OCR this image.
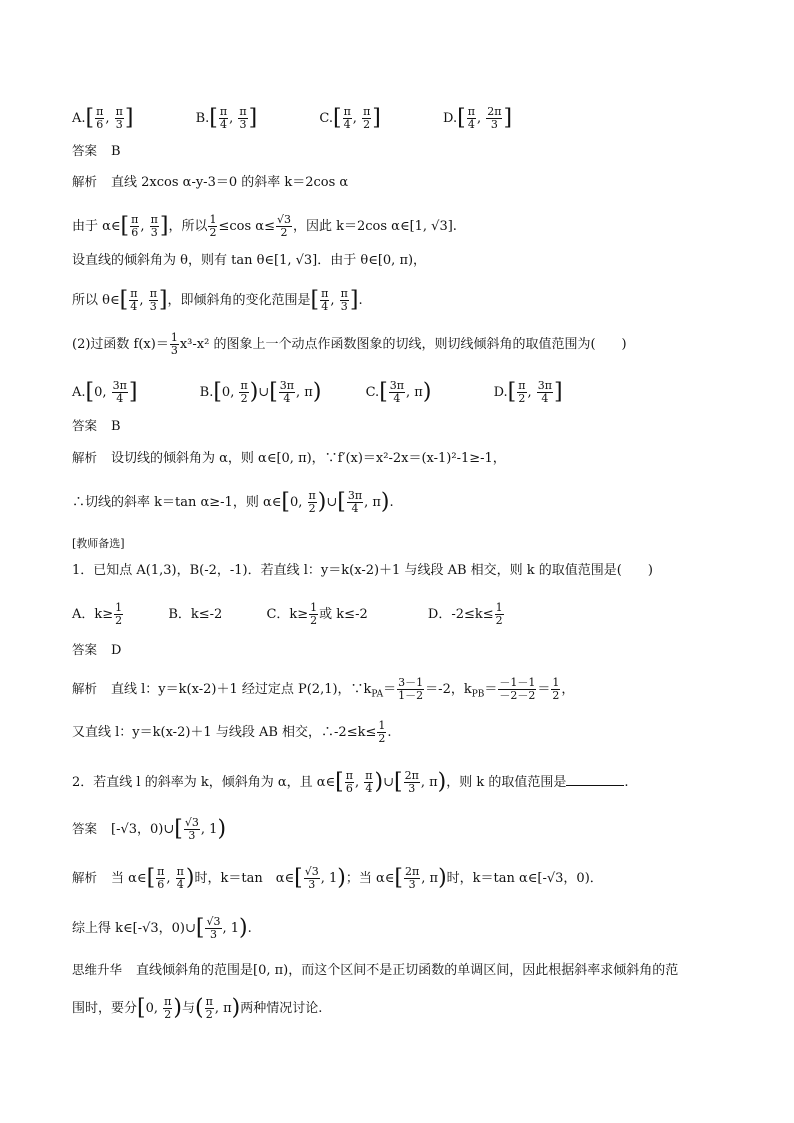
$A.[ \frac{\pi}{6}$ , $\frac{\pi}{3}$ ]	$B.[ \frac{\pi}{4}$ , $\frac{\pi}{3}$ ]	$C.[ \frac{\pi}{4}$ , $\frac{\pi}{2}$ ]	$D.[ \frac{\pi}{4}$ , $\frac{2\pi}{3}$ ]
答案 B
解析 直线 2xcos α-y-3＝0 的斜率 k＝2cos α
由于 α∈[ $\frac{\pi}{6}$ , $\frac{\pi}{3}$ ]，所以 $\frac{1}{2} \le\cos$ $\alpha\le \frac{√3}{2}$ ，因此 k＝2cos α∈[1, √3].
设直线的倾斜角为 θ，则有 tan θ∈[1, √3]．由于 θ∈[0, π)，
所以 θ∈[ $\frac{\pi}{4}$ , $\frac{\pi}{3}$ ]，即倾斜角的变化范围是[ $\frac{\pi}{4}$ , $\frac{\pi}{3}$ ].
(2)过函数 $f(x)= \frac{1}{3} x^3-x^2$ 的图象上一个动点作函数图象的切线，则切线倾斜角的取值范围为(　　)
A.[0, $\frac{3\pi}{4}$ ]	B.[0, $\frac{\pi}{2}$ )∪[ $\frac{3\pi}{4}$ , π)	$C.[ \frac{3\pi}{4}$ , π)	$D.[ \frac{\pi}{2}$ , $\frac{3\pi}{4}$ ]
答案 B
解析 设切线的倾斜角为 α，则 α∈[0, π)，∵f′(x)＝x²-2x＝(x-1)²-1≥-1，
∴切线的斜率 k＝tan α≥-1，则 α∈[0, $\frac{\pi}{2}$ )∪[ $\frac{3\pi}{4}$ , π).
[教师备选]
1．已知点 A(1,3)，B(-2，-1)．若直线 l：y＝k(x-2)＋1 与线段 AB 相交，则 k 的取值范围是(　　)
A．$k\ge \frac{1}{2}$	B．k≤-2	C．$k\ge \frac{1}{2}$ 或 k≤-2	D．$-2\le k\le \frac{1}{2}$
答案 D
解析 直线 l：y＝k(x-2)＋1 经过定点 P(2,1)，$\because k_{PA}= \frac{3-1}{1-2} =-2$，$k_{PB}= \frac{-1-1}{-2-2} = \frac{1}{2}$ ，
又直线 l：y＝k(x-2)＋1 与线段 AB 相交，∴-2≤k≤ $\frac{1}{2}$ .
2．若直线 l 的斜率为 k，倾斜角为 α，且 α∈[ $\frac{\pi}{6}$ , $\frac{\pi}{4}$ )∪[ $\frac{2\pi}{3}$ , π)，则 k 的取值范围是	.
答案 [-√3，0)∪[ $\frac{√3}{3}$ , 1)
解析 当 α∈[ $\frac{\pi}{6}$ , $\frac{\pi}{4}$ )时，k＝tan　α∈[ $\frac{√3}{3}$ , 1)；当 α∈[ $\frac{2\pi}{3}$ , π)时，k＝tan α∈[-√3，0)．
综上得 k∈[-√3，0)∪[ $\frac{√3}{3}$ , 1).
思维升华 直线倾斜角的范围是[0, π)，而这个区间不是正切函数的单调区间，因此根据斜率求倾斜角的范
围时，要分[0, $\frac{\pi}{2}$ )与( $\frac{\pi}{2}$ , π)两种情况讨论.
